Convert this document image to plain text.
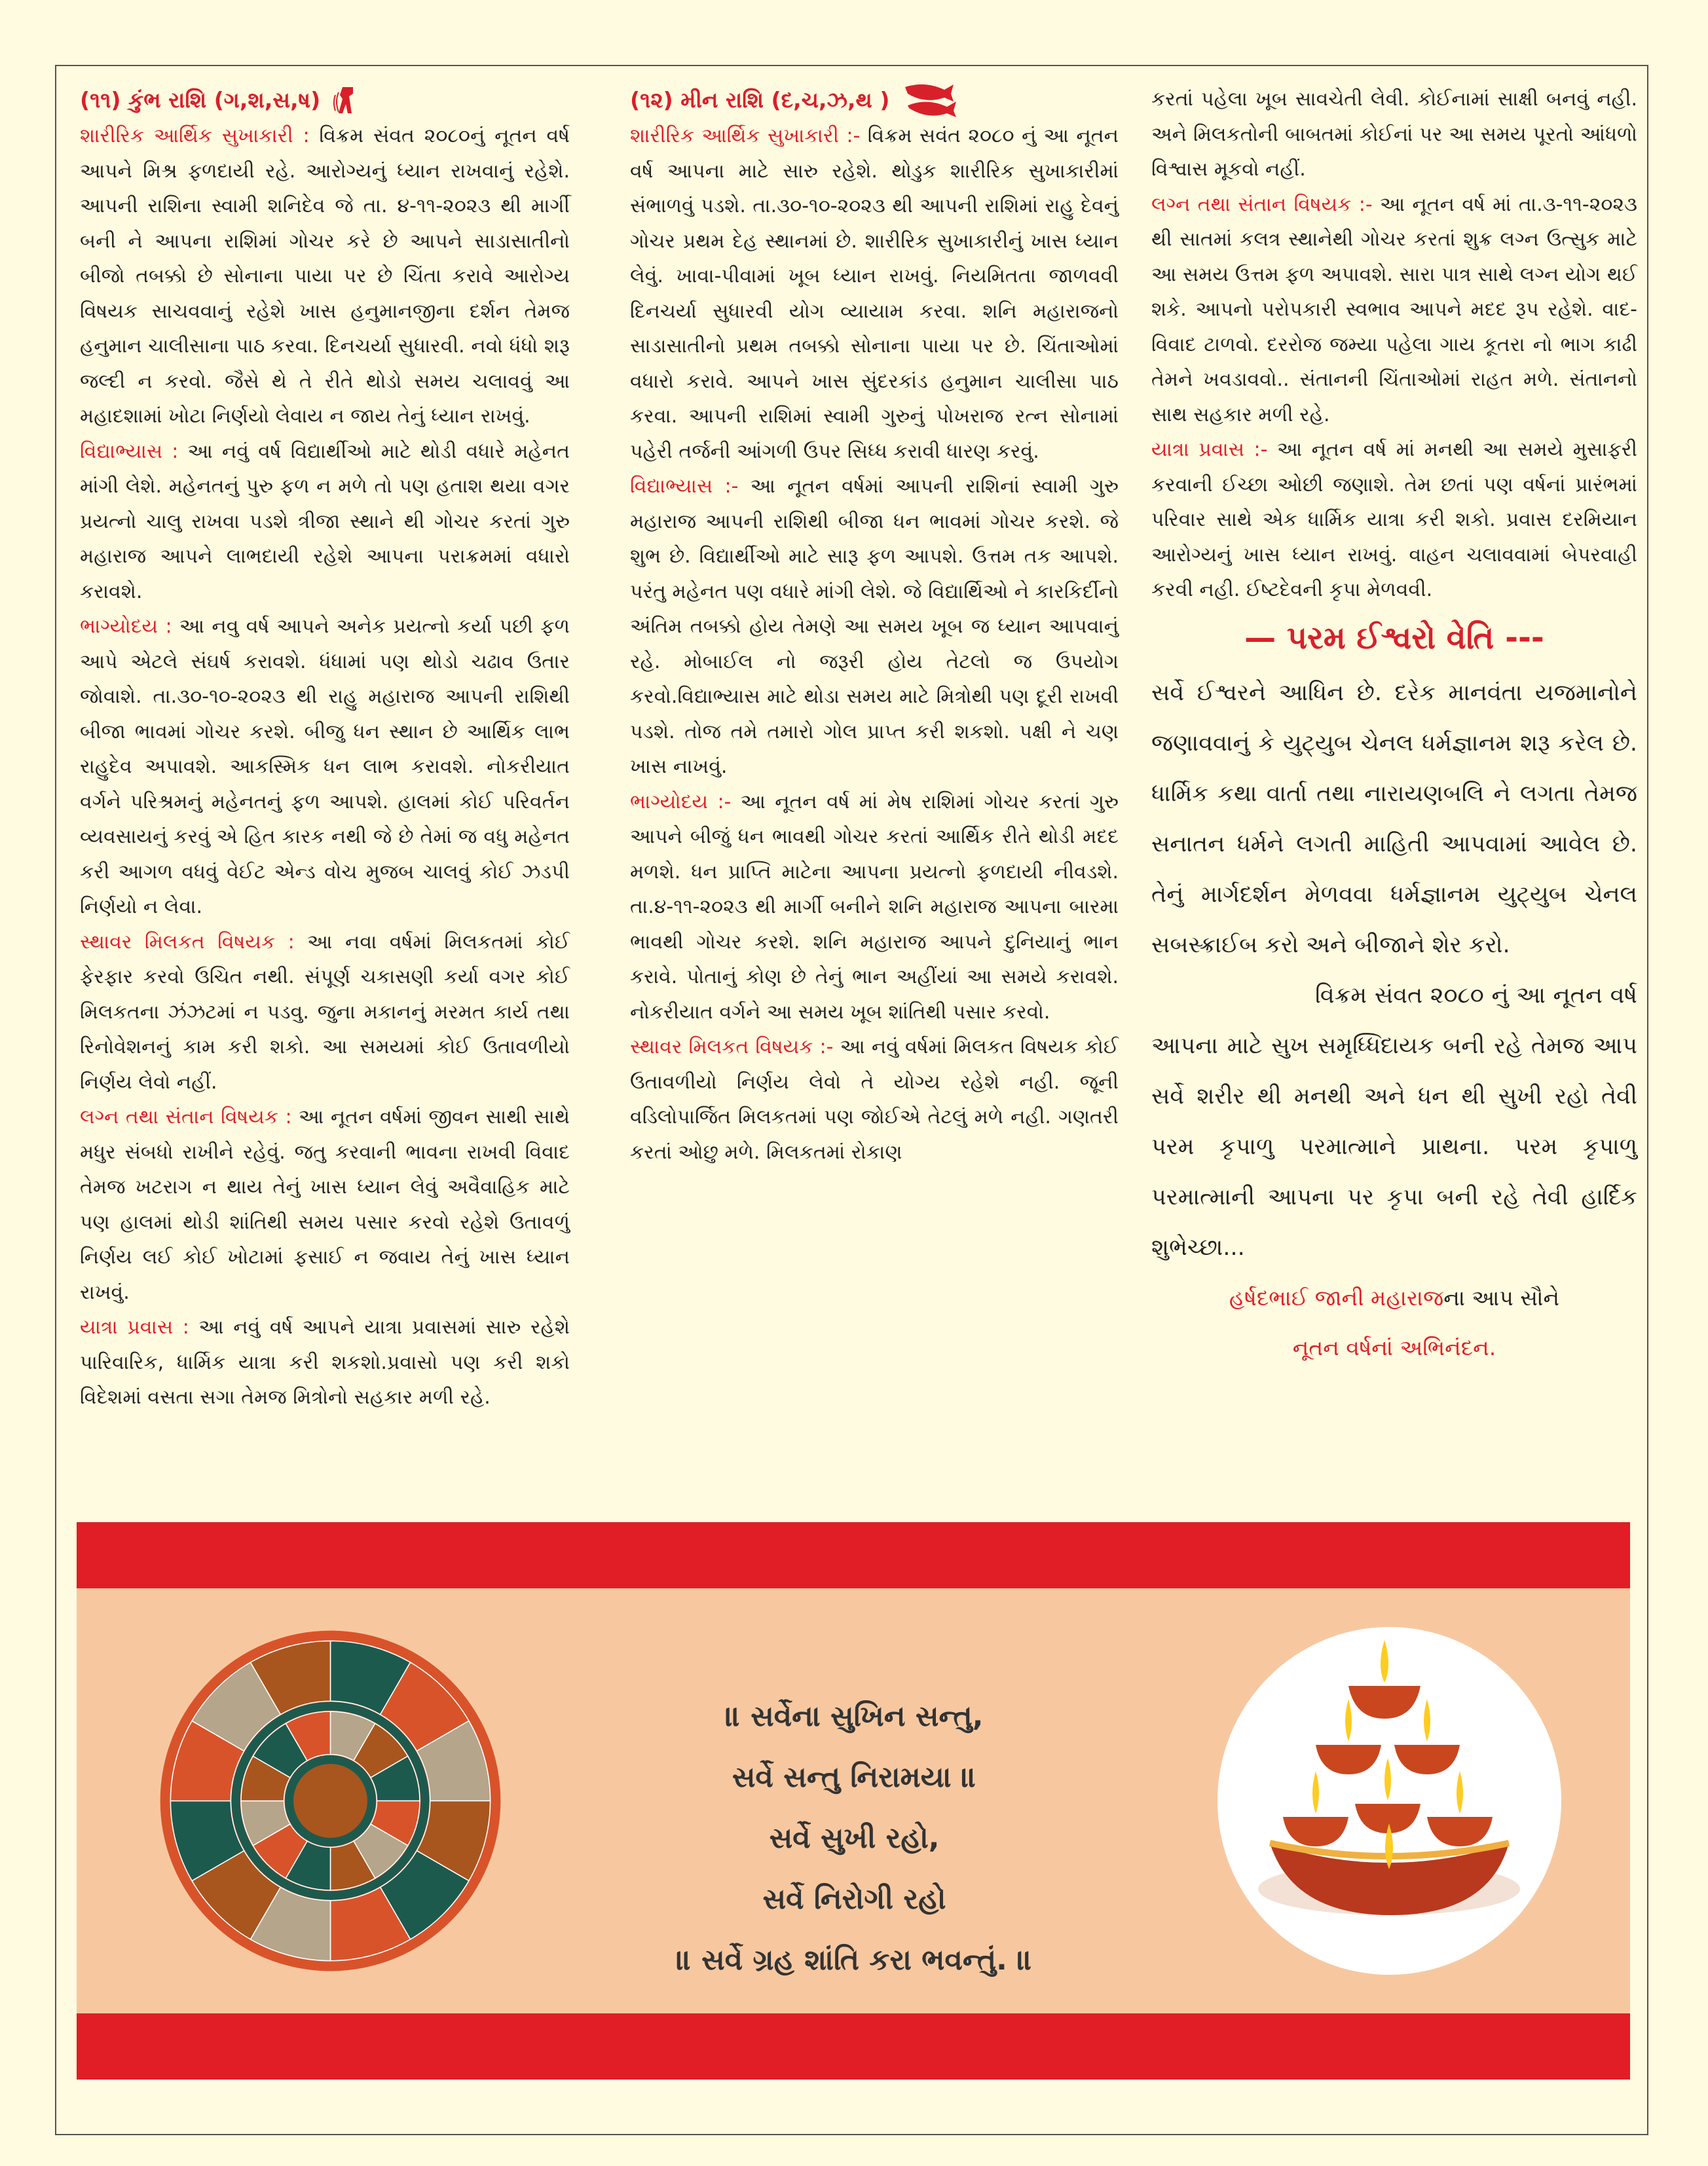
(૧૧) કુંભ રાશિ (ગ,શ,સ,ષ)

શારીરિક આર્થિક સુખાકારી : વિક્રમ સંવત ૨૦૮૦નું નૂતન વર્ષ આપને મિશ્ર ફળદાયી રહે. આરોગ્યનું ધ્યાન રાખવાનું રહેશે. આપની રાશિના સ્વામી શનિદેવ જે તા. ૪-૧૧-૨૦૨૩ થી માર્ગી બની ને આપના રાશિમાં ગોચર કરે છે આપને સાડાસાતીનો બીજો તબક્કો છે સોનાના પાયા પર છે ચિંતા કરાવે આરોગ્ય વિષયક સાચવવાનું રહેશે ખાસ હનુમાનજીના દર્શન તેમજ હનુમાન ચાલીસાના પાઠ કરવા. દિનચર્યા સુધારવી. નવો ધંધો શરૂ જલ્દી ન કરવો. જૈસે થે તે રીતે થોડો સમય ચલાવવું આ મહાદશામાં ખોટા નિર્ણયો લેવાય ન જાય તેનું ધ્યાન રાખવું.

વિદ્યાભ્યાસ : આ નવું વર્ષ વિદ્યાર્થીઓ માટે થોડી વધારે મહેનત માંગી લેશે. મહેનતનું પુરુ ફળ ન મળે તો પણ હતાશ થયા વગર પ્રયત્નો ચાલુ રાખવા પડશે ત્રીજા સ્થાને થી ગોચર કરતાં ગુરુ મહારાજ આપને લાભદાયી રહેશે આપના પરાક્રમમાં વધારો કરાવશે.

ભાગ્યોદય : આ નવુ વર્ષ આપને અનેક પ્રયત્નો કર્યા પછી ફળ આપે એટલે સંઘર્ષ કરાવશે. ધંધામાં પણ થોડો ચઢાવ ઉતાર જોવાશે. તા.૩૦-૧૦-૨૦૨૩ થી રાહુ મહારાજ આપની રાશિથી બીજા ભાવમાં ગોચર કરશે. બીજુ ધન સ્થાન છે આર્થિક લાભ રાહુદેવ અપાવશે. આકસ્મિક ધન લાભ કરાવશે. નોકરીયાત વર્ગને પરિશ્રમનું મહેનતનું ફળ આપશે. હાલમાં કોઈ પરિવર્તન વ્યવસાયનું કરવું એ હિત કારક નથી જે છે તેમાં જ વધુ મહેનત કરી આગળ વધવું વેઈટ એન્ડ વોચ મુજબ ચાલવું કોઈ ઝડપી નિર્ણયો ન લેવા.

સ્થાવર મિલકત વિષયક : આ નવા વર્ષમાં મિલકતમાં કોઈ ફેરફાર કરવો ઉચિત નથી. સંપૂર્ણ ચકાસણી કર્યા વગર કોઈ મિલકતના ઝંઝટમાં ન પડવુ. જુના મકાનનું મરમત કાર્ય તથા રિનોવેશનનું કામ કરી શકો. આ સમયમાં કોઈ ઉતાવળીયો નિર્ણય લેવો નહીં.

લગ્ન તથા સંતાન વિષયક : આ નૂતન વર્ષમાં જીવન સાથી સાથે મધુર સંબધો રાખીને રહેવું. જતુ કરવાની ભાવના રાખવી વિવાદ તેમજ ખટરાગ ન થાય તેનું ખાસ ધ્યાન લેવું અવૈવાહિક માટે પણ હાલમાં થોડી શાંતિથી સમય પસાર કરવો રહેશે ઉતાવળું નિર્ણય લઈ કોઈ ખોટામાં ફસાઈ ન જવાય તેનું ખાસ ધ્યાન રાખવું.

યાત્રા પ્રવાસ : આ નવું વર્ષ આપને યાત્રા પ્રવાસમાં સારુ રહેશે પારિવારિક, ધાર્મિક યાત્રા કરી શકશો.પ્રવાસો પણ કરી શકો વિદેશમાં વસતા સગા તેમજ મિત્રોનો સહકાર મળી રહે.

(૧૨) મીન રાશિ (દ,ચ,ઝ,થ )

શારીરિક આર્થિક સુખાકારી :- વિક્રમ સવંત ૨૦૮૦ નું આ નૂતન વર્ષ આપના માટે સારુ રહેશે. થોડુક શારીરિક સુખાકારીમાં સંભાળવું પડશે. તા.૩૦-૧૦-૨૦૨૩ થી આપની રાશિમાં રાહુ દેવનું ગોચર પ્રથમ દેહ સ્થાનમાં છે. શારીરિક સુખાકારીનું ખાસ ધ્યાન લેવું. ખાવા-પીવામાં ખૂબ ધ્યાન રાખવું. નિયમિતતા જાળવવી દિનચર્યા સુધારવી યોગ વ્યાયામ કરવા. શનિ મહારાજનો સાડાસાતીનો પ્રથમ તબક્કો સોનાના પાયા પર છે. ચિંતાઓમાં વધારો કરાવે. આપને ખાસ સુંદરકાંડ હનુમાન ચાલીસા પાઠ કરવા. આપની રાશિમાં સ્વામી ગુરુનું પોખરાજ રત્ન સોનામાં પહેરી તર્જની આંગળી ઉપર સિધ્ધ કરાવી ધારણ કરવું.

વિદ્યાભ્યાસ :- આ નૂતન વર્ષમાં આપની રાશિનાં સ્વામી ગુરુ મહારાજ આપની રાશિથી બીજા ધન ભાવમાં ગોચર કરશે. જે શુભ છે. વિદ્યાર્થીઓ માટે સારૂ ફળ આપશે. ઉત્તમ તક આપશે. પરંતુ મહેનત પણ વધારે માંગી લેશે. જે વિદ્યાર્થિઓ ને કારકિર્દીનો અંતિમ તબક્કો હોય તેમણે આ સમય ખૂબ જ ધ્યાન આપવાનું રહે. મોબાઈલ નો જરૂરી હોય તેટલો જ ઉપયોગ કરવો.વિદ્યાભ્યાસ માટે થોડા સમય માટે મિત્રોથી પણ દૂરી રાખવી પડશે. તોજ તમે તમારો ગોલ પ્રાપ્ત કરી શકશો. પક્ષી ને ચણ ખાસ નાખવું.

ભાગ્યોદય :- આ નૂતન વર્ષ માં મેષ રાશિમાં ગોચર કરતાં ગુરુ આપને બીજું ધન ભાવથી ગોચર કરતાં આર્થિક રીતે થોડી મદદ મળશે. ધન પ્રાપ્તિ માટેના આપના પ્રયત્નો ફળદાયી નીવડશે. તા.૪-૧૧-૨૦૨૩ થી માર્ગી બનીને શનિ મહારાજ આપના બારમા ભાવથી ગોચર કરશે. શનિ મહારાજ આપને દુનિયાનું ભાન કરાવે. પોતાનું કોણ છે તેનું ભાન અહીંયાં આ સમયે કરાવશે. નોકરીયાત વર્ગને આ સમય ખૂબ શાંતિથી પસાર કરવો.

સ્થાવર મિલકત વિષયક :- આ નવું વર્ષમાં મિલકત વિષયક કોઈ ઉતાવળીયો નિર્ણય લેવો તે યોગ્ય રહેશે નહી. જૂની વડિલોપાર્જિત મિલકતમાં પણ જોઈએ તેટલું મળે નહી. ગણતરી કરતાં ઓછુ મળે. મિલકતમાં રોકાણ

કરતાં પહેલા ખૂબ સાવચેતી લેવી. કોઈનામાં સાક્ષી બનવું નહી. અને મિલકતોની બાબતમાં કોઈનાં પર આ સમય પૂરતો આંધળો વિશ્વાસ મૂકવો નહીં.

લગ્ન તથા સંતાન વિષયક :- આ નૂતન વર્ષ માં તા.૩-૧૧-૨૦૨૩ થી સાતમાં કલત્ર સ્થાનેથી ગોચર કરતાં શુક્ર લગ્ન ઉત્સુક માટે આ સમય ઉત્તમ ફળ અપાવશે. સારા પાત્ર સાથે લગ્ન યોગ થઈ શકે. આપનો પરોપકારી સ્વભાવ આપને મદદ રૂપ રહેશે. વાદ-વિવાદ ટાળવો. દરરોજ જમ્યા પહેલા ગાય કૂતરા નો ભાગ કાઢી તેમને ખવડાવવો.. સંતાનની ચિંતાઓમાં રાહત મળે. સંતાનનો સાથ સહકાર મળી રહે.

યાત્રા પ્રવાસ :- આ નૂતન વર્ષ માં મનથી આ સમયે મુસાફરી કરવાની ઈચ્છા ઓછી જણાશે. તેમ છતાં પણ વર્ષનાં પ્રારંભમાં પરિવાર સાથે એક ધાર્મિક યાત્રા કરી શકો. પ્રવાસ દરમિયાન આરોગ્યનું ખાસ ધ્યાન રાખવું. વાહન ચલાવવામાં બેપરવાહી કરવી નહી. ઈષ્ટદેવની કૃપા મેળવવી.

— પરમ ઈશ્વરો વેતિ ---

સર્વે ઈશ્વરને આધિન છે. દરેક માનવંતા યજમાનોને જણાવવાનું કે યુટ્યુબ ચેનલ ધર્મજ્ઞાનમ શરૂ કરેલ છે. ધાર્મિક કથા વાર્તા તથા નારાયણબલિ ને લગતા તેમજ સનાતન ધર્મને લગતી માહિતી આપવામાં આવેલ છે. તેનું માર્ગદર્શન મેળવવા ધર્મજ્ઞાનમ યુટ્યુબ ચેનલ સબસ્ક્રાઈબ કરો અને બીજાને શેર કરો.

વિક્રમ સંવત ૨૦૮૦ નું આ નૂતન વર્ષ આપના માટે સુખ સમૃધ્ધિદાયક બની રહે તેમજ આપ સર્વે શરીર થી મનથી અને ધન થી સુખી રહો તેવી પરમ કૃપાળુ પરમાત્માને પ્રાથના. પરમ કૃપાળુ પરમાત્માની આપના પર કૃપા બની રહે તેવી હાર્દિક શુભેચ્છા...

હર્ષદભાઈ જાની મહારાજના આપ સૌને
નૂતન વર્ષનાં અભિનંદન.
॥ સર્વેના સુખિન સન્તુ,
સર્વે સન્તુ નિરામયા ॥
સર્વે સુખી રહો,
સર્વે નિરોગી રહો
॥ સર્વે ગ્રહ શાંતિ કરા ભવન્તું. ॥
